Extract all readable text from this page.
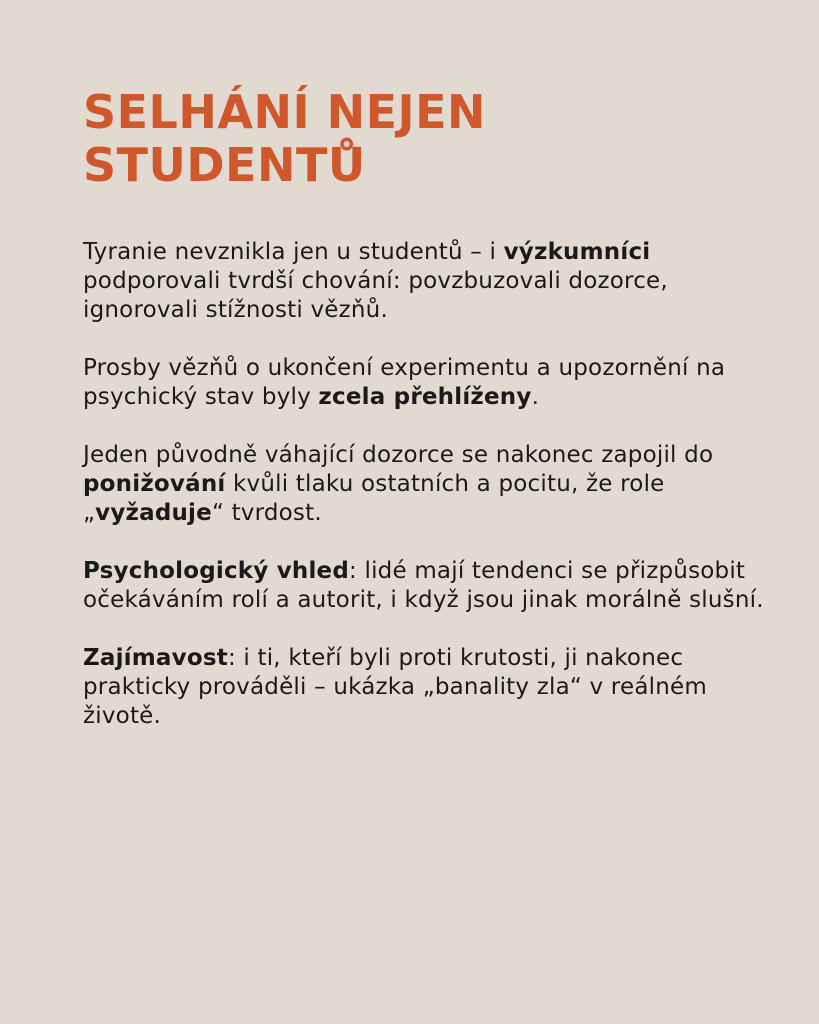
SELHÁNÍ NEJEN
STUDENTŮ

Tyranie nevznikla jen u studentů – i výzkumníci podporovali tvrdší chování: povzbuzovali dozorce, ignorovali stížnosti vězňů.

Prosby vězňů o ukončení experimentu a upozornění na psychický stav byly zcela přehlíženy.

Jeden původně váhající dozorce se nakonec zapojil do ponižování kvůli tlaku ostatních a pocitu, že role „vyžaduje“ tvrdost.

Psychologický vhled: lidé mají tendenci se přizpůsobit očekáváním rolí a autorit, i když jsou jinak morálně slušní.

Zajímavost: i ti, kteří byli proti krutosti, ji nakonec prakticky prováděli – ukázka „banality zla“ v reálném životě.
